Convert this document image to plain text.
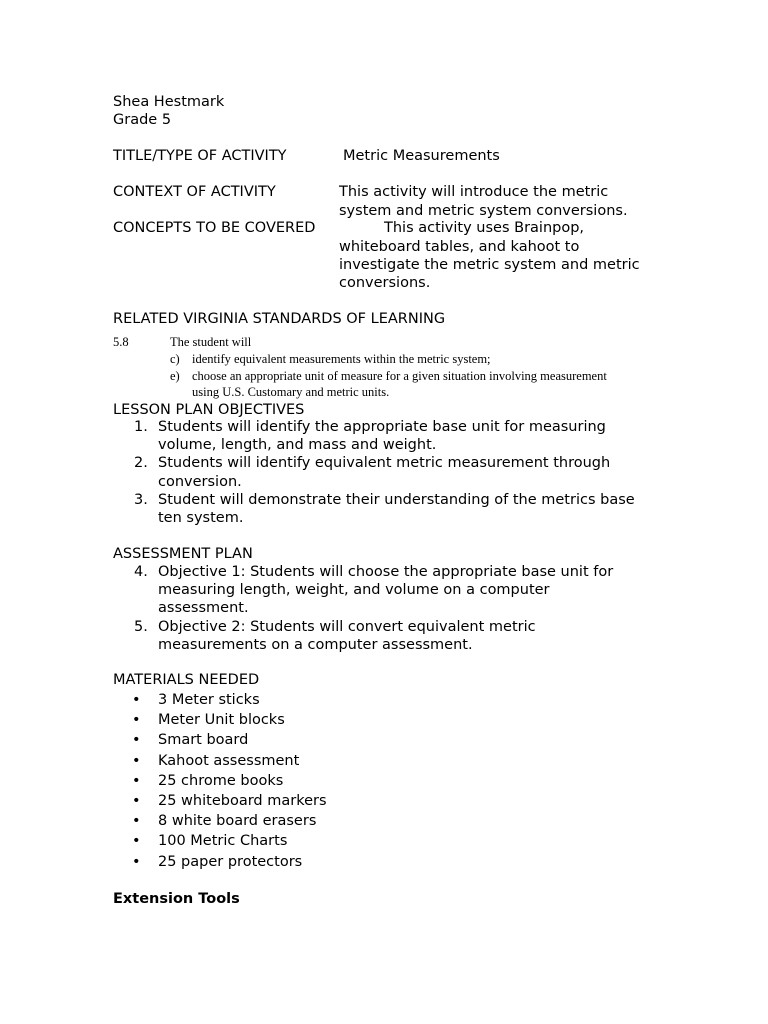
Shea Hestmark
Grade 5
TITLE/TYPE OF ACTIVITY	Metric Measurements
CONTEXT OF ACTIVITY	This activity will introduce the metric
system and metric system conversions.
CONCEPTS TO BE COVERED	This activity uses Brainpop,
whiteboard tables, and kahoot to
investigate the metric system and metric
conversions.
RELATED VIRGINIA STANDARDS OF LEARNING
5.8	The student will
c) identify equivalent measurements within the metric system;
e) choose an appropriate unit of measure for a given situation involving measurement
using U.S. Customary and metric units.
LESSON PLAN OBJECTIVES
1. Students will identify the appropriate base unit for measuring
volume, length, and mass and weight.
2. Students will identify equivalent metric measurement through
conversion.
3. Student will demonstrate their understanding of the metrics base
ten system.
ASSESSMENT PLAN
4. Objective 1: Students will choose the appropriate base unit for
measuring length, weight, and volume on a computer
assessment.
5. Objective 2: Students will convert equivalent metric
measurements on a computer assessment.
MATERIALS NEEDED
• 3 Meter sticks
• Meter Unit blocks
• Smart board
• Kahoot assessment
• 25 chrome books
• 25 whiteboard markers
• 8 white board erasers
• 100 Metric Charts
• 25 paper protectors
Extension Tools
